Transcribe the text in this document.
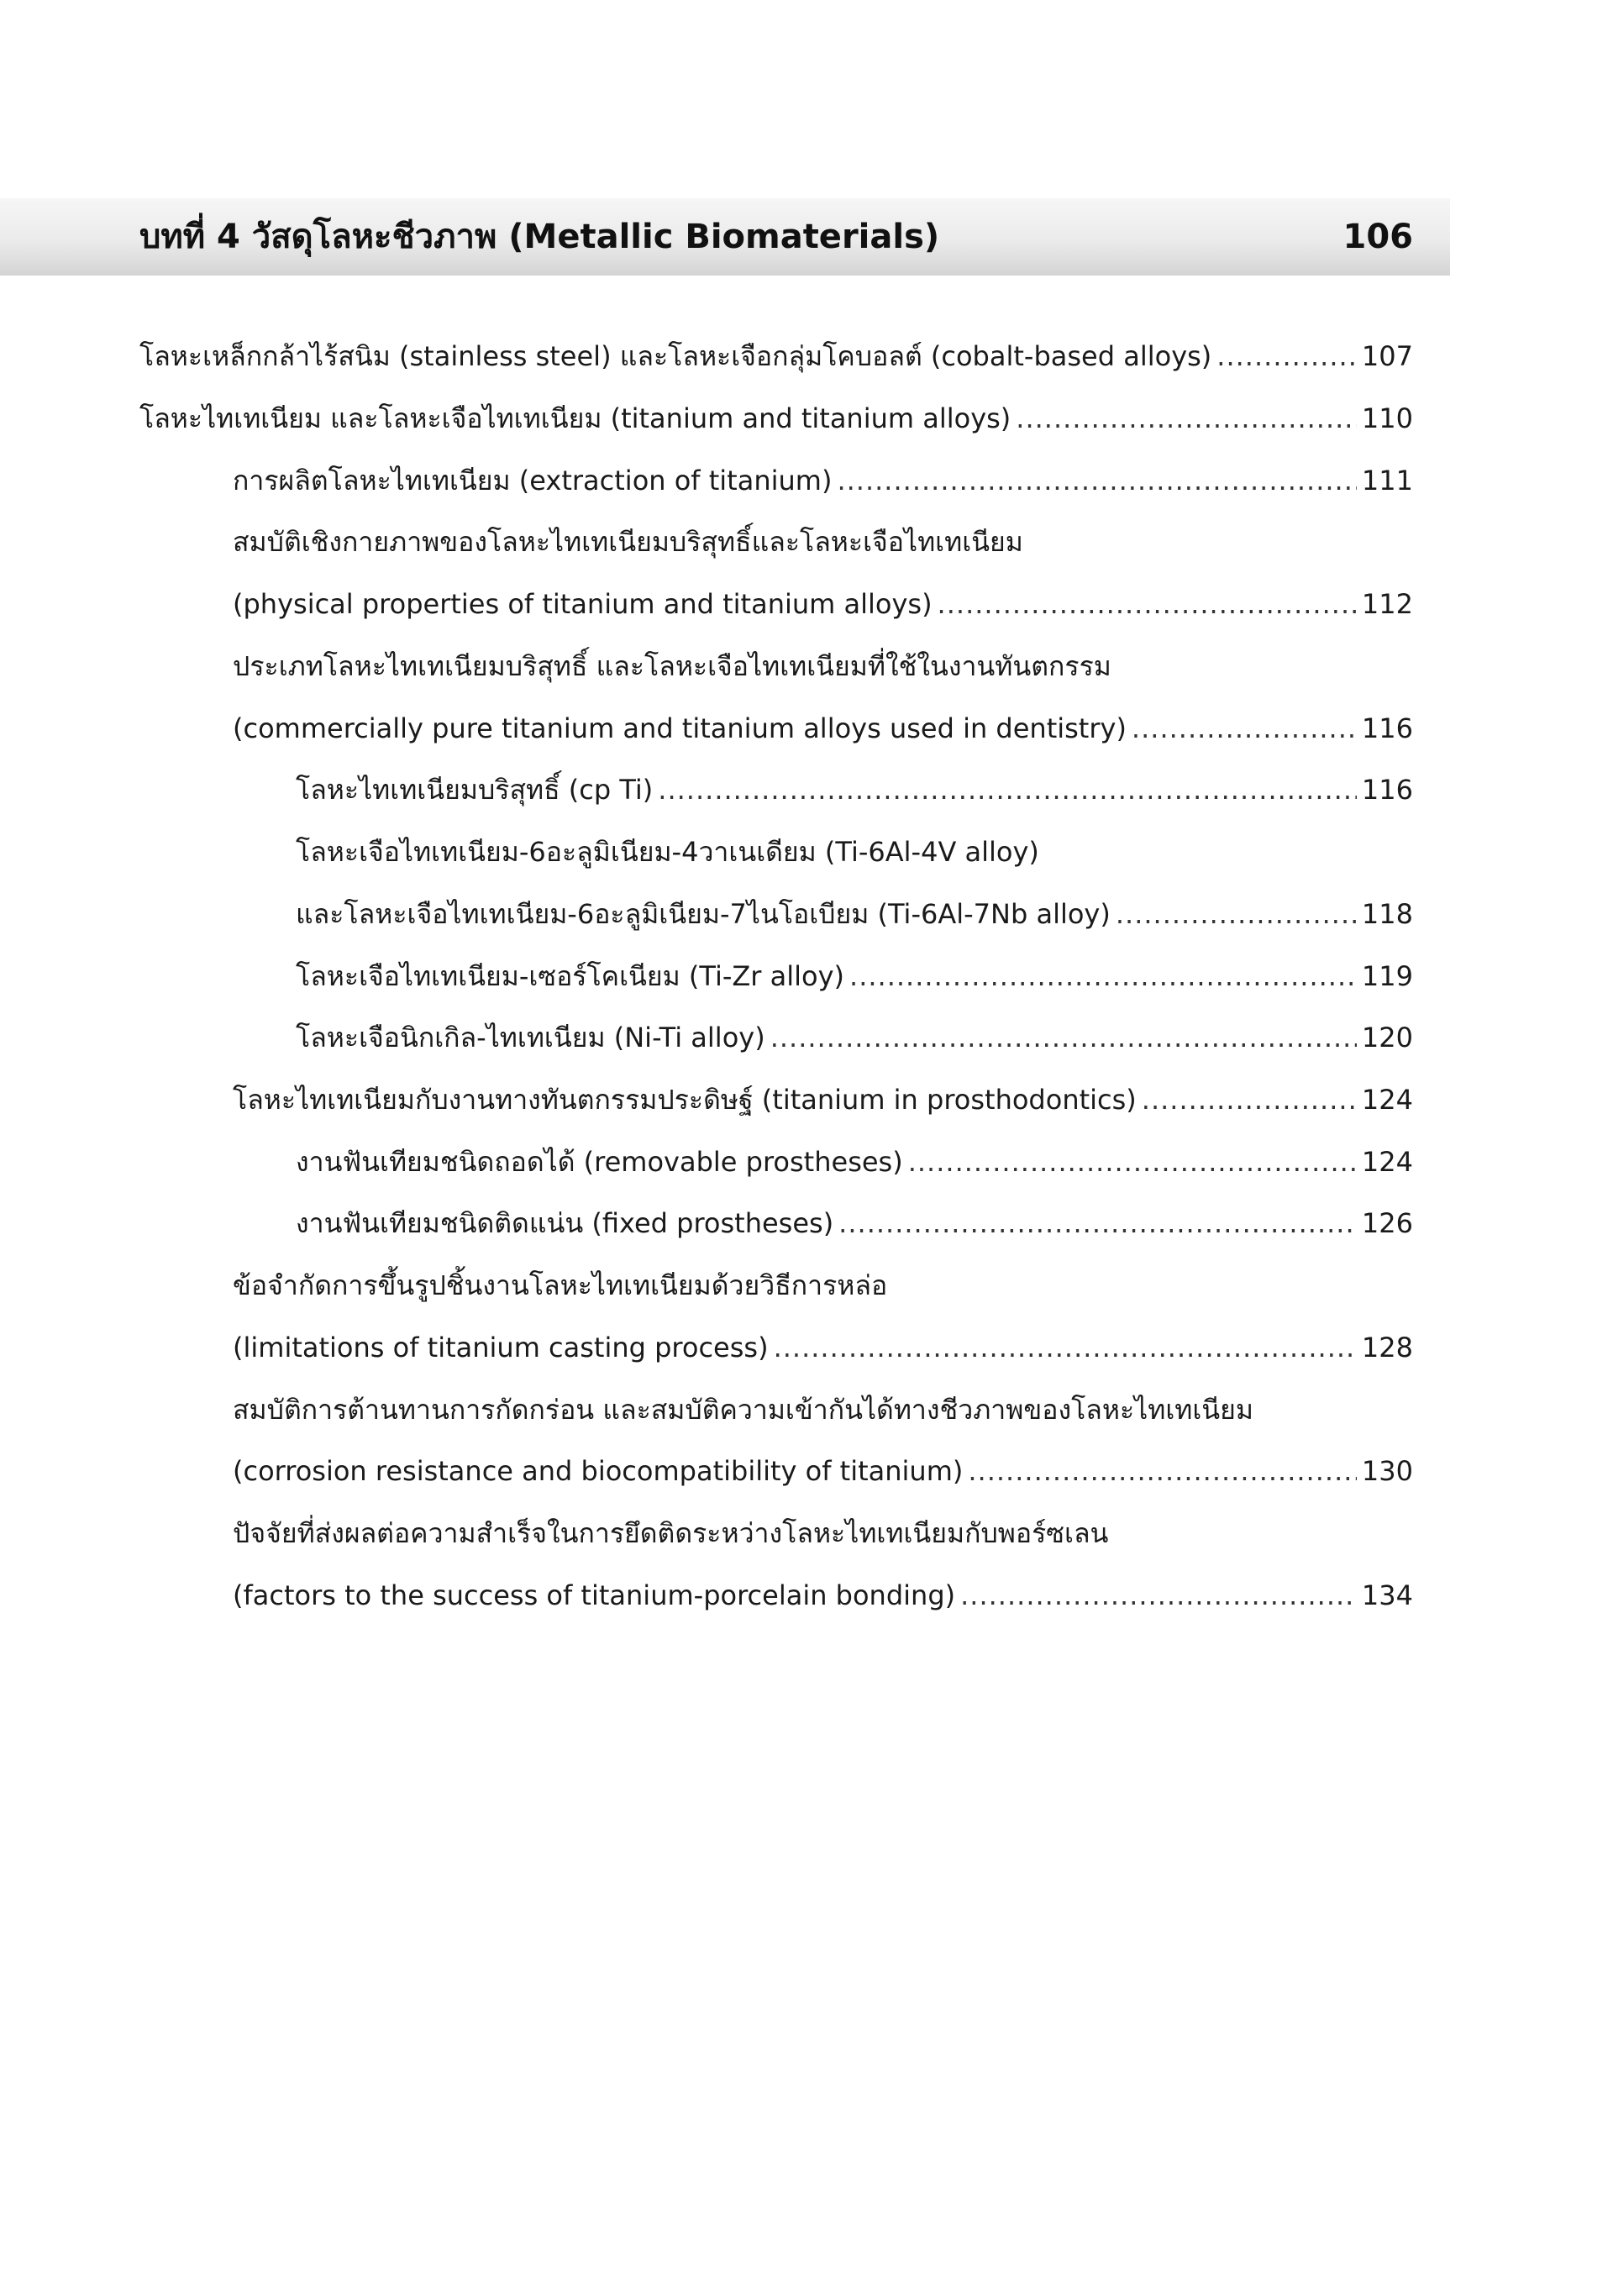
บทที่ 4 วัสดุโลหะชีวภาพ (Metallic Biomaterials)	106
โลหะเหล็กกล้าไร้สนิม (stainless steel) และโลหะเจือกลุ่มโคบอลต์ (cobalt-based alloys) .....	107
โลหะไทเทเนียม และโลหะเจือไทเทเนียม (titanium and titanium alloys) .....	110
การผลิตโลหะไทเทเนียม (extraction of titanium) .....	111
สมบัติเชิงกายภาพของโลหะไทเทเนียมบริสุทธิ์และโลหะเจือไทเทเนียม
(physical properties of titanium and titanium alloys) .....	112
ประเภทโลหะไทเทเนียมบริสุทธิ์ และโลหะเจือไทเทเนียมที่ใช้ในงานทันตกรรม
(commercially pure titanium and titanium alloys used in dentistry) .....	116
โลหะไทเทเนียมบริสุทธิ์ (cp Ti) .....	116
โลหะเจือไทเทเนียม-6อะลูมิเนียม-4วาเนเดียม (Ti-6Al-4V alloy)
และโลหะเจือไทเทเนียม-6อะลูมิเนียม-7ไนโอเบียม (Ti-6Al-7Nb alloy) .....	118
โลหะเจือไทเทเนียม-เซอร์โคเนียม (Ti-Zr alloy) .....	119
โลหะเจือนิกเกิล-ไทเทเนียม (Ni-Ti alloy) .....	120
โลหะไทเทเนียมกับงานทางทันตกรรมประดิษฐ์ (titanium in prosthodontics) .....	124
งานฟันเทียมชนิดถอดได้ (removable prostheses) .....	124
งานฟันเทียมชนิดติดแน่น (fixed prostheses) .....	126
ข้อจำกัดการขึ้นรูปชิ้นงานโลหะไทเทเนียมด้วยวิธีการหล่อ
(limitations of titanium casting process) .....	128
สมบัติการต้านทานการกัดกร่อน และสมบัติความเข้ากันได้ทางชีวภาพของโลหะไทเทเนียม
(corrosion resistance and biocompatibility of titanium) .....	130
ปัจจัยที่ส่งผลต่อความสำเร็จในการยึดติดระหว่างโลหะไทเทเนียมกับพอร์ซเลน
(factors to the success of titanium-porcelain bonding) .....	134
